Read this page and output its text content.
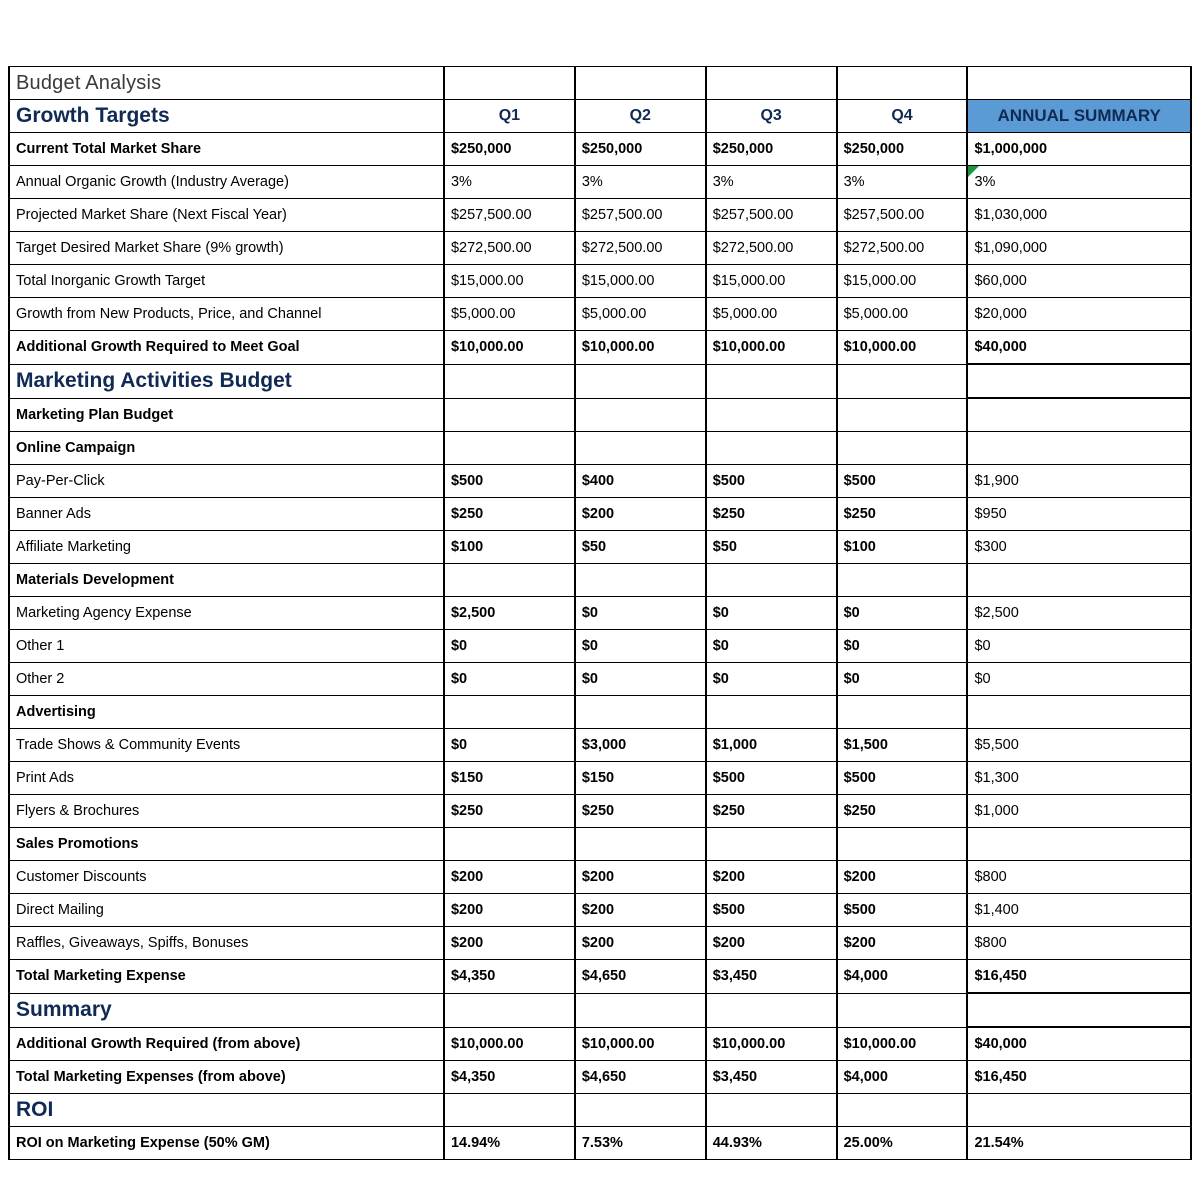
Budget Analysis					
Growth Targets	Q1	Q2	Q3	Q4	ANNUAL SUMMARY
Current Total Market Share	$250,000	$250,000	$250,000	$250,000	$1,000,000
Annual Organic Growth (Industry Average)	3%	3%	3%	3%	3%
Projected Market Share (Next Fiscal Year)	$257,500.00	$257,500.00	$257,500.00	$257,500.00	$1,030,000
Target Desired Market Share (9% growth)	$272,500.00	$272,500.00	$272,500.00	$272,500.00	$1,090,000
Total Inorganic Growth Target	$15,000.00	$15,000.00	$15,000.00	$15,000.00	$60,000
Growth from New Products, Price, and Channel	$5,000.00	$5,000.00	$5,000.00	$5,000.00	$20,000
Additional Growth Required to Meet Goal	$10,000.00	$10,000.00	$10,000.00	$10,000.00	$40,000
Marketing Activities Budget					
Marketing Plan Budget					
Online Campaign					
Pay-Per-Click	$500	$400	$500	$500	$1,900
Banner Ads	$250	$200	$250	$250	$950
Affiliate Marketing	$100	$50	$50	$100	$300
Materials Development					
Marketing Agency Expense	$2,500	$0	$0	$0	$2,500
Other 1	$0	$0	$0	$0	$0
Other 2	$0	$0	$0	$0	$0
Advertising					
Trade Shows & Community Events	$0	$3,000	$1,000	$1,500	$5,500
Print Ads	$150	$150	$500	$500	$1,300
Flyers & Brochures	$250	$250	$250	$250	$1,000
Sales Promotions					
Customer Discounts	$200	$200	$200	$200	$800
Direct Mailing	$200	$200	$500	$500	$1,400
Raffles, Giveaways, Spiffs, Bonuses	$200	$200	$200	$200	$800
Total Marketing Expense	$4,350	$4,650	$3,450	$4,000	$16,450
Summary					
Additional Growth Required (from above)	$10,000.00	$10,000.00	$10,000.00	$10,000.00	$40,000
Total Marketing Expenses (from above)	$4,350	$4,650	$3,450	$4,000	$16,450
ROI					
ROI on Marketing Expense (50% GM)	14.94%	7.53%	44.93%	25.00%	21.54%
